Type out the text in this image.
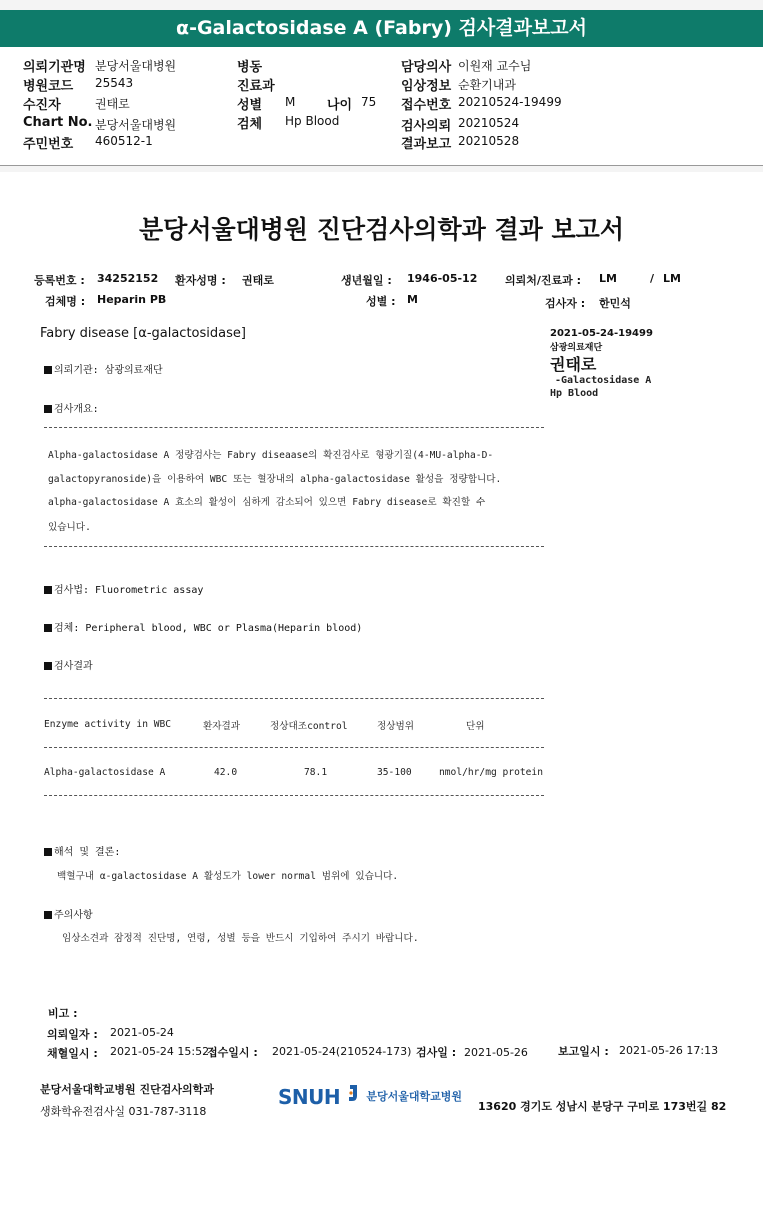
α-Galactosidase A (Fabry) 검사결과보고서
의뢰기관명 분당서울대병원
병원코드 25543
수진자	권태로
Chart No. 분당서울대병원
주민번호 460512-1
병동
진료과
성별 M 나이 75
검체 Hp Blood
담당의사 이원재 교수님
임상정보 순환기내과
접수번호 20210524-19499
검사의뢰 20210524
결과보고 20210528
분당서울대병원 진단검사의학과 결과 보고서
등록번호 : 34252152 환자성명 : 권태로	생년월일 : 1946-05-12	의뢰처/진료과 : LM	/ LM
검체명 : Heparin PB	성별 : M	검사자 : 한민석
Fabry disease [α-galactosidase]	2021-05-24-19499
삼광의료재단
권태로
-Galactosidase A
Hp Blood
의뢰기관: 삼광의료재단
검사개요:
Alpha-galactosidase A 정량검사는 Fabry diseaase의 확진검사로 형광기질(4-MU-alpha-D-
galactopyranoside)을 이용하여 WBC 또는 혈장내의 alpha-galactosidase 활성을 정량합니다.
alpha-galactosidase A 효소의 활성이 심하게 감소되어 있으면 Fabry disease로 확진할 수
있습니다.
검사법: Fluorometric assay
검체: Peripheral blood, WBC or Plasma(Heparin blood)
검사결과
Enzyme activity in WBC	환자결과	정상대조control	정상범위	단위
Alpha-galactosidase A	42.0	78.1	35-100	nmol/hr/mg protein
해석 및 결론:
백혈구내 α-galactosidase A 활성도가 lower normal 범위에 있습니다.
주의사항
임상소견과 잠정적 진단명, 연령, 성별 등을 반드시 기입하여 주시기 바랍니다.
비고 :
의뢰일자 : 2021-05-24
채혈일시 : 2021-05-24 15:52
접수일시 : 2021-05-24(210524-173) 검사일 : 2021-05-26	보고일시 : 2021-05-26 17:13
분당서울대학교병원 진단검사의학과
생화학유전검사실 031-787-3118
SNUH $^{분당서울대학교병원}$
13620 경기도 성남시 분당구 구미로 173번길 82
